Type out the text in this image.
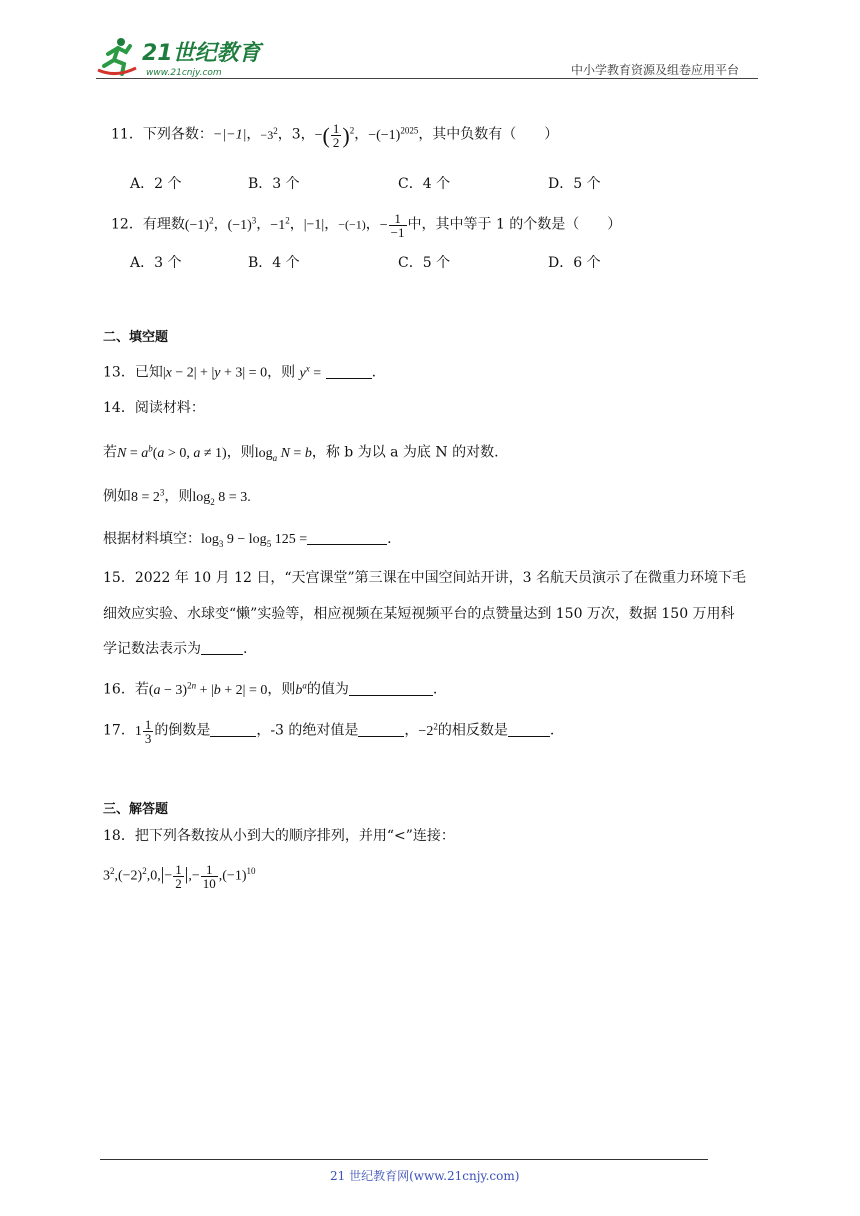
21世纪教育
www.21cnjy.com	中小学教育资源及组卷应用平台
11．下列各数：−|−1|，$-3^2$，3，−( $\frac{1}{2} )^2$，$-(-1)^{2025}$，其中负数有（　　）
A．2 个	B．3 个	C．4 个	D．5 个
12．有理数$(-1)^2$，$(-1)^3$，$-1^2$，|−1|，−(−1)，− $\frac{1}{-1}$ 中，其中等于 1 的个数是（　　）
A．3 个	B．4 个	C．5 个	D．6 个
二、填空题
13．已知|x − 2| + |y + 3| = 0，则 $y^x$ =	.
14．阅读材料：
若$N = a^b(a > 0$, a ≠ 1)，则$\log_a N = b$，称 b 为以 a 为底 N 的对数.
例如$8 = 2^3$，则$\log_2 8 = 3$.
根据材料填空：$\log_3 9 - \log_5 125$ =	.
15．2022 年 10 月 12 日，“天宫课堂”第三课在中国空间站开讲，3 名航天员演示了在微重力环境下毛
细效应实验、水球变“懒”实验等，相应视频在某短视频平台的点赞量达到 150 万次，数据 150 万用科
学记数法表示为	.
16．若$(a - 3)^{2n} + |b + 2| = 0$，则$b^a$的值为	.
17．$1 \frac{1}{3}$ 的倒数是	，-3 的绝对值是	，$-2^2$的相反数是	.
三、解答题
18．把下列各数按从小到大的顺序排列，并用“<”连接：
$3^2,(-2)^2,0,|- \frac{1}{2}$ |,− $\frac{1}{10} ,(-1)^{10}$
21 世纪教育网(www.21cnjy.com)
